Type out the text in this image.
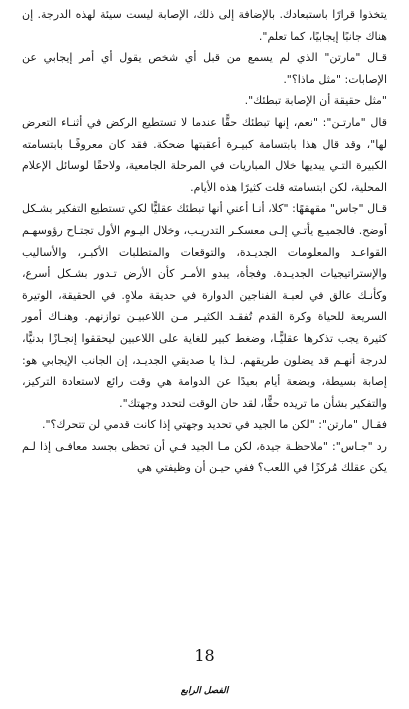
يتخذوا قرارًا باستبعادك. بالإضافة إلى ذلك، الإصابة ليست سيئة لهذه الدرجة. إن هناك جانبًا إيجابيًا، كما تعلم".

قـال "مارتن" الذي لم يسمع من قبل أي شخص يقول أي أمر إيجابي عن الإصابات: "مثل ماذا؟".

"مثل حقيقة أن الإصابة تبطئك".

قال "مارتـن": "نعم، إنها تبطئك حقًّا عندما لا تستطيع الركض في أثنـاء التعرض لها"، وقد قال هذا بابتسامة كبيـرة أعقبتها ضحكة. فقد كان معروفًـا بابتسامته الكبيرة التـي يبديها خلال المباريات في المرحلة الجامعية، ولاحقًا لوسائل الإعلام المحلية، لكن ابتسامته قلت كثيرًا هذه الأيام.

قـال "جاس" مقهقهًا: "كلا، أنـا أعني أنها تبطئك عقليًّا لكي تستطيع التفكير بشـكل أوضح. فالجميـع يأتـي إلـى معسكـر التدريـب، وخلال اليـوم الأول تجتـاح رؤوسهـم القواعـد والمعلومات الجديـدة، والتوقعات والمتطلبات الأكبـر، والأساليب والإستراتيجيات الجديـدة. وفجأة، يبدو الأمـر كأن الأرض تـدور بشـكل أسرع، وكأنـك عالق في لعبـة الفناجين الدوارة في حديقة ملاهٍ. في الحقيقة، الوتيرة السريعة للحياة وكرة القدم تُفقـد الكثيـر مـن اللاعبيـن توازنهم. وهنـاك أمور كثيرة يجب تذكرها عقليًّـا، وضغط كبير للغاية على اللاعبين ليحققوا إنجـازًا بدنيًّا، لدرجة أنهـم قد يضلون طريقهم. لـذا يا صديقي الجديـد، إن الجانب الإيجابي هو: إصابة بسيطة، وبضعة أيام بعيدًا عن الدوامة هي وقت رائع لاستعادة التركيز، والتفكير بشأن ما تريده حقًّا، لقد حان الوقت لتحدد وجهتك".

فقـال "مارتن": "لكن ما الجيد في تحديد وجهتي إذا كانت قدمي لن تتحرك؟".

رد "جـاس": "ملاحظـة جيدة، لكن مـا الجيد فـي أن تحظى بجسد معافـى إذا لـم يكن عقلك مُركزًا في اللعب؟ ففي حيـن أن وظيفتي هي

18
الفصل الرابع
